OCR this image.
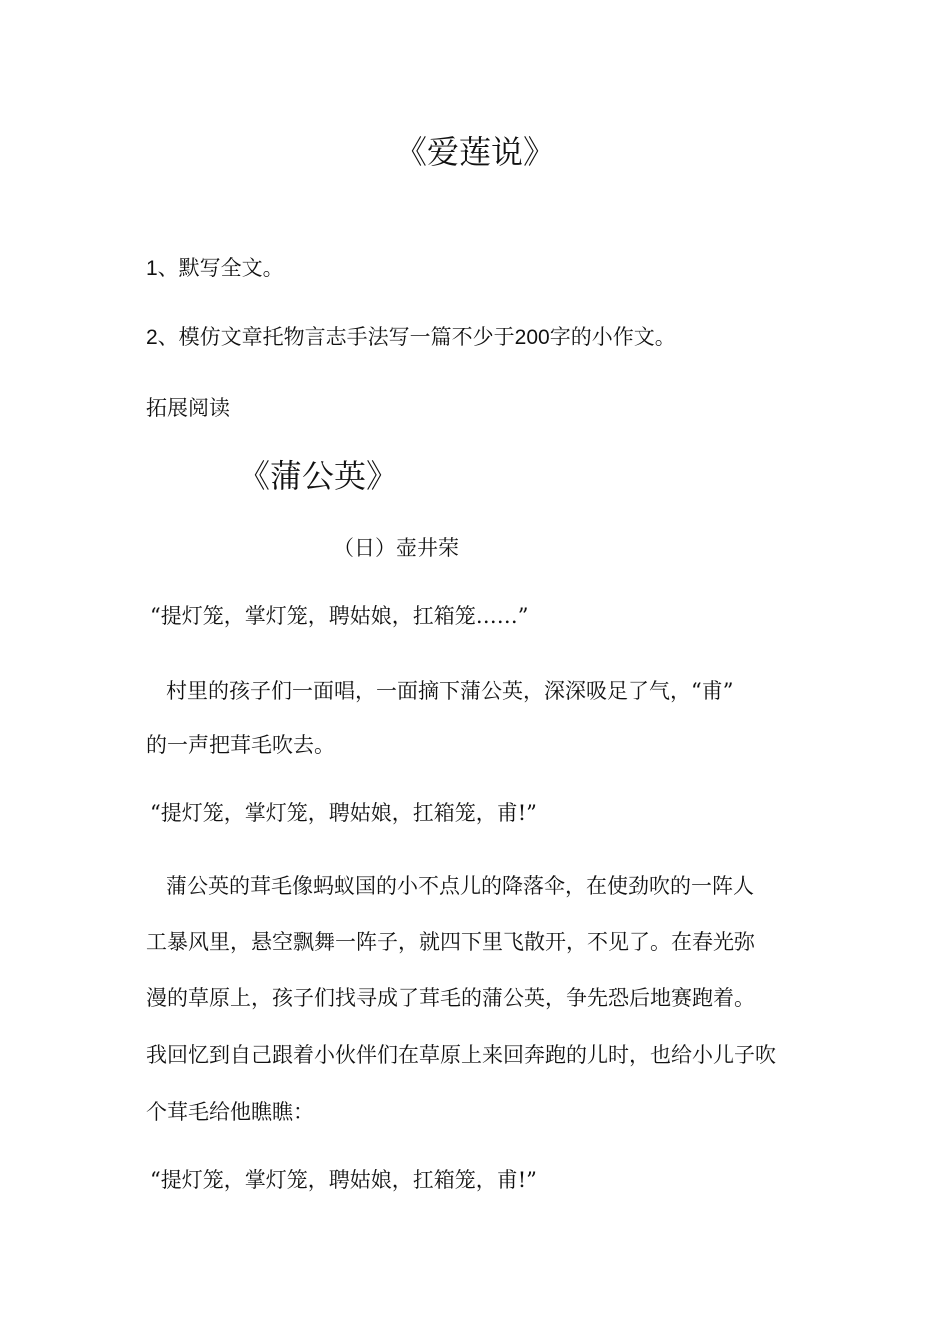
《爱莲说》
1、默写全文。
2、模仿文章托物言志手法写一篇不少于200字的小作文。
拓展阅读
《蒲公英》
（日）壶井荣
“提灯笼，掌灯笼，聘姑娘，扛箱笼……”
村里的孩子们一面唱，一面摘下蒲公英，深深吸足了气，“甫”
的一声把茸毛吹去。
“提灯笼，掌灯笼，聘姑娘，扛箱笼，甫!”
蒲公英的茸毛像蚂蚁国的小不点儿的降落伞，在使劲吹的一阵人
工暴风里，悬空飘舞一阵子，就四下里飞散开，不见了。在春光弥
漫的草原上，孩子们找寻成了茸毛的蒲公英，争先恐后地赛跑着。
我回忆到自己跟着小伙伴们在草原上来回奔跑的儿时，也给小儿子吹
个茸毛给他瞧瞧：
“提灯笼，掌灯笼，聘姑娘，扛箱笼，甫!”
